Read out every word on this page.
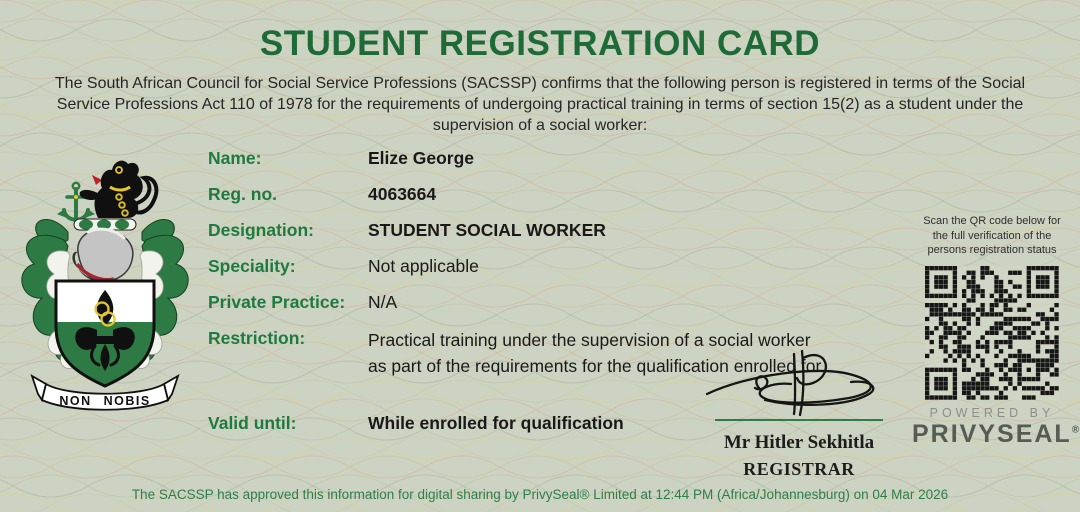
STUDENT REGISTRATION CARD
The South African Council for Social Service Professions (SACSSP) confirms that the following person is registered in terms of the Social
Service Professions Act 110 of 1978 for the requirements of undergoing practical training in terms of section 15(2) as a student under the
supervision of a social worker:
NON NOBIS
Name:	Elize George
Reg. no.	4063664
Designation:	STUDENT SOCIAL WORKER
Speciality:	Not applicable
Private Practice:	N/A
Restriction:	Practical training under the supervision of a social worker
as part of the requirements for the qualification enrolled for.
Valid until:	While enrolled for qualification
Mr Hitler Sekhitla
REGISTRAR
Scan the QR code below for
the full verification of the
persons registration status
POWERED BY
PRIVYSEAL®
The SACSSP has approved this information for digital sharing by PrivySeal® Limited at 12:44 PM (Africa/Johannesburg) on 04 Mar 2026
